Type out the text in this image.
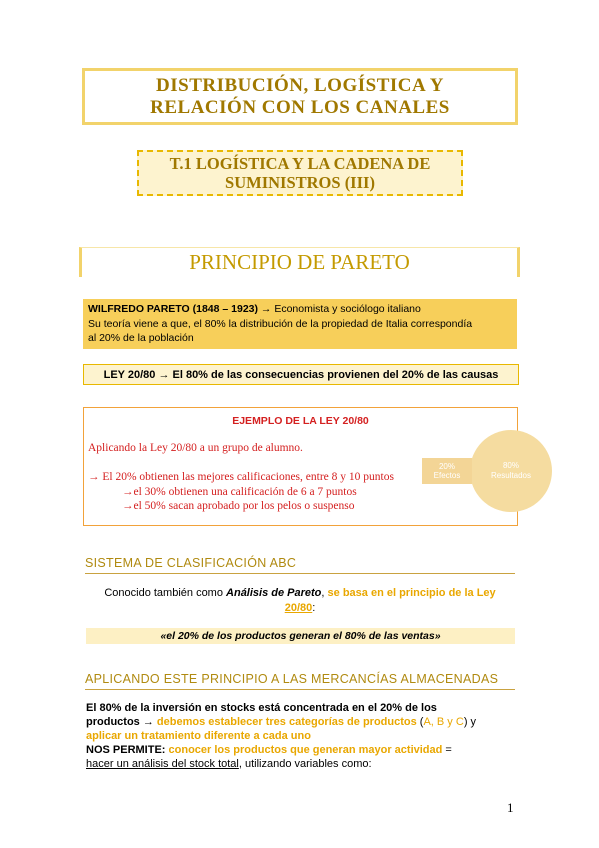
DISTRIBUCIÓN, LOGÍSTICA Y
RELACIÓN CON LOS CANALES
T.1 LOGÍSTICA Y LA CADENA DE
SUMINISTROS (III)
PRINCIPIO DE PARETO
WILFREDO PARETO (1848 – 1923) → Economista y sociólogo italiano
Su teoría viene a que, el 80% la distribución de la propiedad de Italia correspondía
al 20% de la población
LEY 20/80 → El 80% de las consecuencias provienen del 20% de las causas
EJEMPLO DE LA LEY 20/80
Aplicando la Ley 20/80 a un grupo de alumno.
→ El 20% obtienen las mejores calificaciones, entre 8 y 10 puntos
→el 30% obtienen una calificación de 6 a 7 puntos
→el 50% sacan aprobado por los pelos o suspenso
80%
Resultados
20%
Efectos
SISTEMA DE CLASIFICACIÓN ABC
Conocido también como Análisis de Pareto, se basa en el principio de la Ley
20/80:
«el 20% de los productos generan el 80% de las ventas»
APLICANDO ESTE PRINCIPIO A LAS MERCANCÍAS ALMACENADAS
El 80% de la inversión en stocks está concentrada en el 20% de los
productos → debemos establecer tres categorías de productos (A, B y C) y
aplicar un tratamiento diferente a cada uno
NOS PERMITE: conocer los productos que generan mayor actividad =
hacer un análisis del stock total, utilizando variables como:
1
